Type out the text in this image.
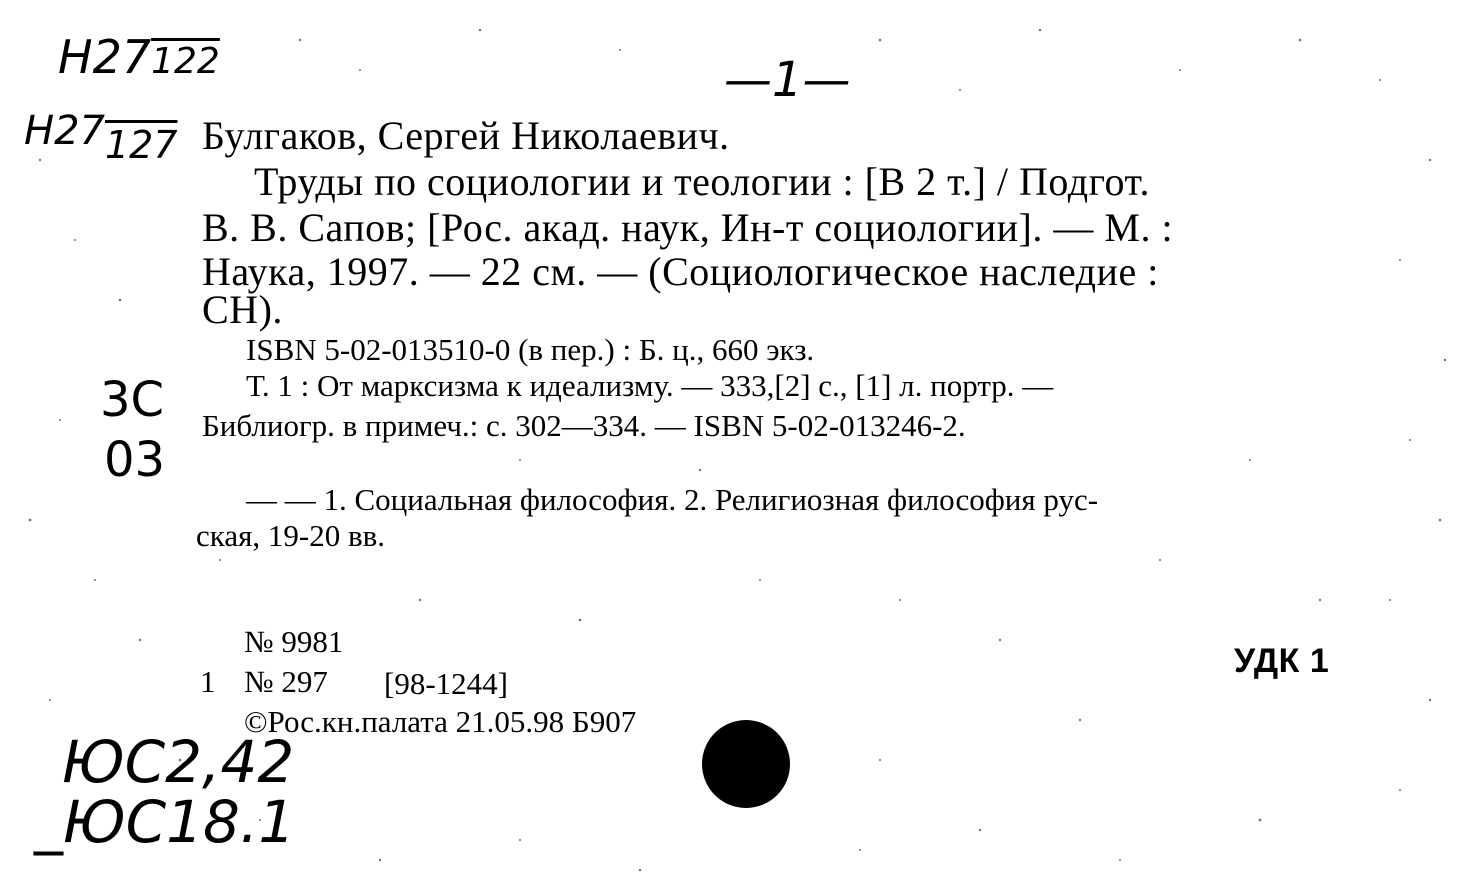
H27122	—1—
H27127 Булгаков, Сергей Николаевич.
Труды по социологии и теологии : [В 2 т.] / Подгот.
В. В. Сапов; [Рос. акад. наук, Ин-т социологии]. — М. :
Наука, 1997. — 22 см. — (Социологическое наследие :
СН).
ISBN 5-02-013510-0 (в пер.) : Б. ц., 660 экз.
3C
03
Т. 1 : От марксизма к идеализму. — 333,[2] с., [1] л. портр. —
Библиогр. в примеч.: с. 302—334. — ISBN 5-02-013246-2.
— — 1. Социальная философия. 2. Религиозная философия рус-
ская, 19-20 вв.
№ 9981
1 № 297 [98-1244]
©Рос.кн.палата 21.05.98 Б907
УДК 1
ЮС2,42
_ЮС18.1
